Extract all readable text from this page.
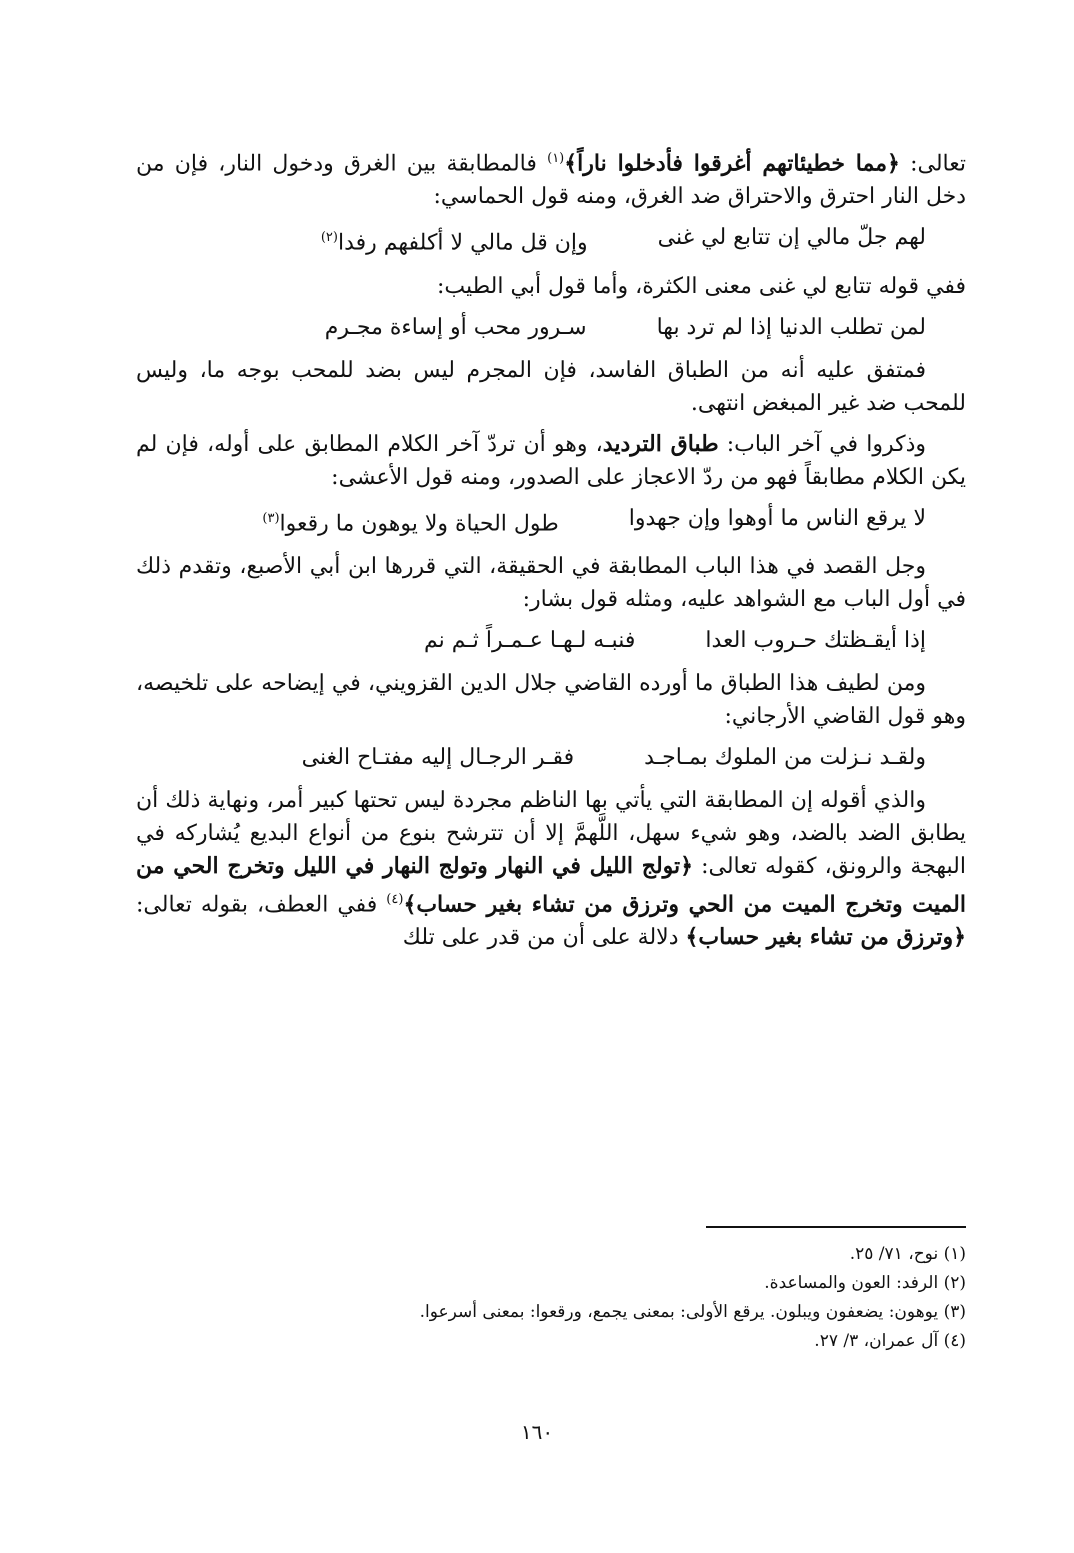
تعالى: ﴿مما خطيئاتهم أغرقوا فأدخلوا ناراً﴾$^{(١)}$ فالمطابقة بين الغرق ودخول النار، فإن من دخل النار احترق والاحتراق ضد الغرق، ومنه قول الحماسي:

لهم جلّ مالي إن تتابع لي غنى
وإن قل مالي لا أكلفهم رفدا$^{(٢)}$

ففي قوله تتابع لي غنى معنى الكثرة، وأما قول أبي الطيب:

لمن تطلب الدنيا إذا لم ترد بها
سـرور محب أو إساءة مجـرم

فمتفق عليه أنه من الطباق الفاسد، فإن المجرم ليس بضد للمحب بوجه ما، وليس للمحب ضد غير المبغض انتهى.

وذكروا في آخر الباب: طباق الترديد، وهو أن تردّ آخر الكلام المطابق على أوله، فإن لم يكن الكلام مطابقاً فهو من ردّ الاعجاز على الصدور، ومنه قول الأعشى:

لا يرقع الناس ما أوهوا وإن جهدوا
طول الحياة ولا يوهون ما رقعوا$^{(٣)}$

وجل القصد في هذا الباب المطابقة في الحقيقة، التي قررها ابن أبي الأصبع، وتقدم ذلك في أول الباب مع الشواهد عليه، ومثله قول بشار:

إذا أيقـظتك حـروب العدا
فنبـه لـهـا عـمـراً ثـم نم

ومن لطيف هذا الطباق ما أورده القاضي جلال الدين القزويني، في إيضاحه على تلخيصه، وهو قول القاضي الأرجاني:

ولقـد نـزلت من الملوك بمـاجـد
فقـر الرجـال إليه مفتـاح الغنى

والذي أقوله إن المطابقة التي يأتي بها الناظم مجردة ليس تحتها كبير أمر، ونهاية ذلك أن يطابق الضد بالضد، وهو شيء سهل، اللَّهمَّ إلا أن تترشح بنوع من أنواع البديع يُشاركه في البهجة والرونق، كقوله تعالى: ﴿تولج الليل في النهار وتولج النهار في الليل وتخرج الحي من الميت وتخرج الميت من الحي وترزق من تشاء بغير حساب﴾$^{(٤)}$ ففي العطف، بقوله تعالى: ﴿وترزق من تشاء بغير حساب﴾ دلالة على أن من قدر على تلك

(١) نوح، ٧١/ ٢٥.

(٢) الرفد: العون والمساعدة.

(٣) يوهون: يضعفون ويبلون. يرقع الأولى: بمعنى يجمع، ورقعوا: بمعنى أسرعوا.

(٤) آل عمران، ٣/ ٢٧.

١٦٠
